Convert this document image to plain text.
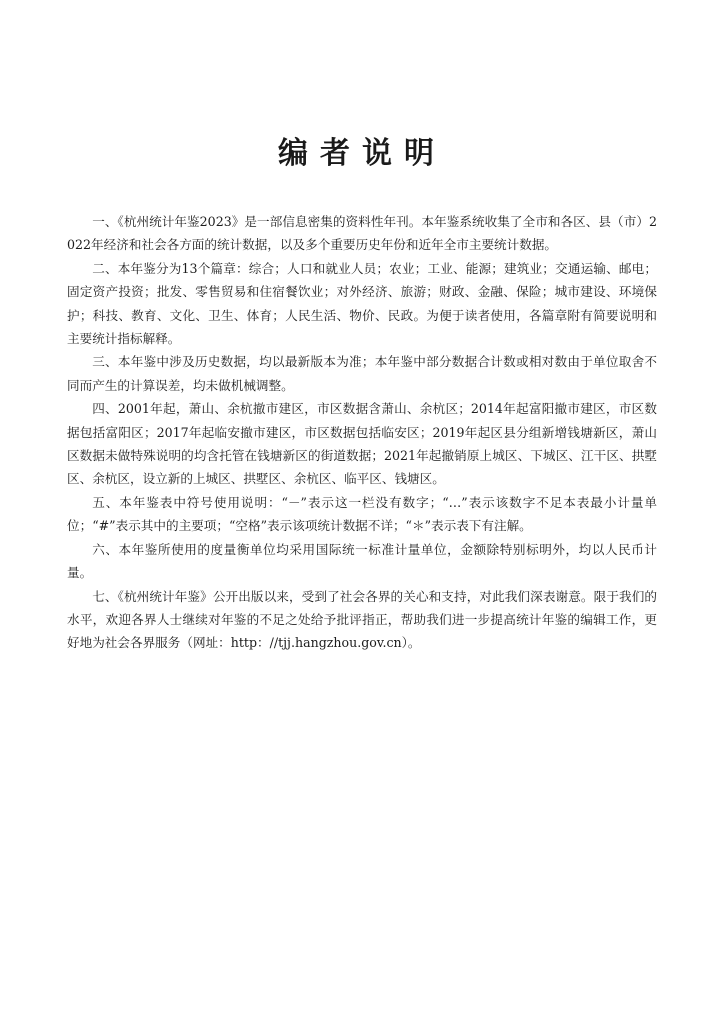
编者说明

一、《杭州统计年鉴2023》是一部信息密集的资料性年刊。本年鉴系统收集了全市和各区、县（市）2022年经济和社会各方面的统计数据，以及多个重要历史年份和近年全市主要统计数据。

二、本年鉴分为13个篇章：综合；人口和就业人员；农业；工业、能源；建筑业；交通运输、邮电；固定资产投资；批发、零售贸易和住宿餐饮业；对外经济、旅游；财政、金融、保险；城市建设、环境保护；科技、教育、文化、卫生、体育；人民生活、物价、民政。为便于读者使用，各篇章附有简要说明和主要统计指标解释。

三、本年鉴中涉及历史数据，均以最新版本为准；本年鉴中部分数据合计数或相对数由于单位取舍不同而产生的计算误差，均未做机械调整。

四、2001年起，萧山、余杭撤市建区，市区数据含萧山、余杭区；2014年起富阳撤市建区，市区数据包括富阳区；2017年起临安撤市建区，市区数据包括临安区；2019年起区县分组新增钱塘新区，萧山区数据未做特殊说明的均含托管在钱塘新区的街道数据；2021年起撤销原上城区、下城区、江干区、拱墅区、余杭区，设立新的上城区、拱墅区、余杭区、临平区、钱塘区。

五、本年鉴表中符号使用说明：“－”表示这一栏没有数字；“…”表示该数字不足本表最小计量单位；“#”表示其中的主要项；“空格”表示该项统计数据不详；“＊”表示表下有注解。

六、本年鉴所使用的度量衡单位均采用国际统一标准计量单位，金额除特别标明外，均以人民币计量。

七、《杭州统计年鉴》公开出版以来，受到了社会各界的关心和支持，对此我们深表谢意。限于我们的水平，欢迎各界人士继续对年鉴的不足之处给予批评指正，帮助我们进一步提高统计年鉴的编辑工作，更好地为社会各界服务（网址：http：//tjj.hangzhou.gov.cn）。
